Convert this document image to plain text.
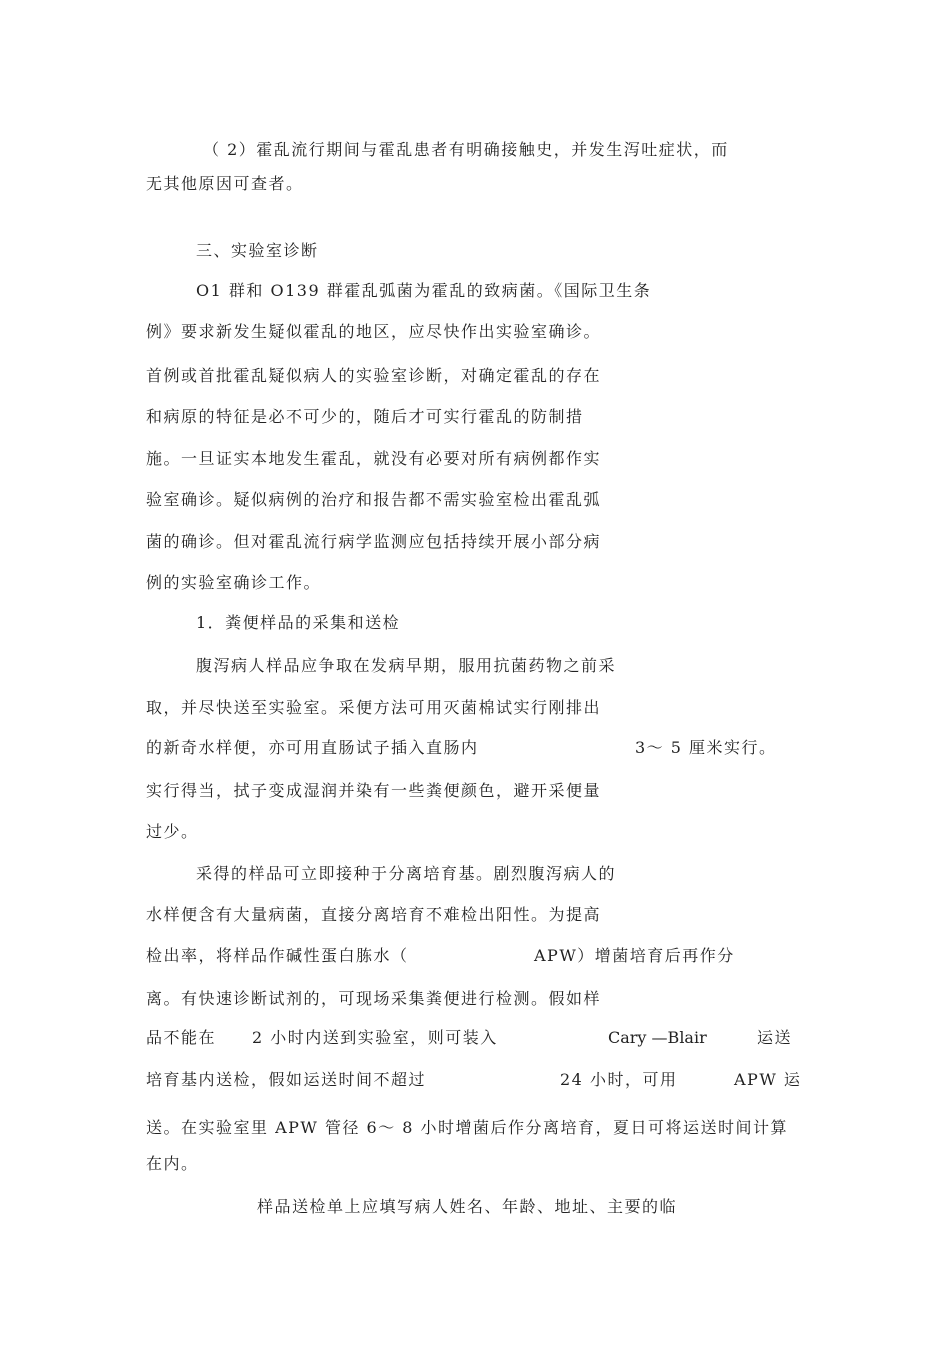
（ 2）霍乱流行期间与霍乱患者有明确接触史，并发生泻吐症状，而
无其他原因可查者。
三、实验室诊断
O1 群和 O139 群霍乱弧菌为霍乱的致病菌。《国际卫生条
例》要求新发生疑似霍乱的地区，应尽快作出实验室确诊。
首例或首批霍乱疑似病人的实验室诊断，对确定霍乱的存在
和病原的特征是必不可少的，随后才可实行霍乱的防制措
施。一旦证实本地发生霍乱，就没有必要对所有病例都作实
验室确诊。疑似病例的治疗和报告都不需实验室检出霍乱弧
菌的确诊。但对霍乱流行病学监测应包括持续开展小部分病
例的实验室确诊工作。
1．粪便样品的采集和送检
腹泻病人样品应争取在发病早期，服用抗菌药物之前采
取，并尽快送至实验室。采便方法可用灭菌棉试实行刚排出
的新奇水样便，亦可用直肠试子插入直肠内	3～ 5 厘米实行。
实行得当，拭子变成湿润并染有一些粪便颜色，避开采便量
过少。
采得的样品可立即接种于分离培育基。剧烈腹泻病人的
水样便含有大量病菌，直接分离培育不难检出阳性。为提高
检出率，将样品作碱性蛋白胨水（	APW）增菌培育后再作分
离。有快速诊断试剂的，可现场采集粪便进行检测。假如样
品不能在 2 小时内送到实验室，则可装入	Cary —Blair	运送
培育基内送检，假如运送时间不超过	24 小时，可用	APW 运
送。在实验室里 APW 管径 6～ 8 小时增菌后作分离培育，夏日可将运送时间计算
在内。
样品送检单上应填写病人姓名、年龄、地址、主要的临
